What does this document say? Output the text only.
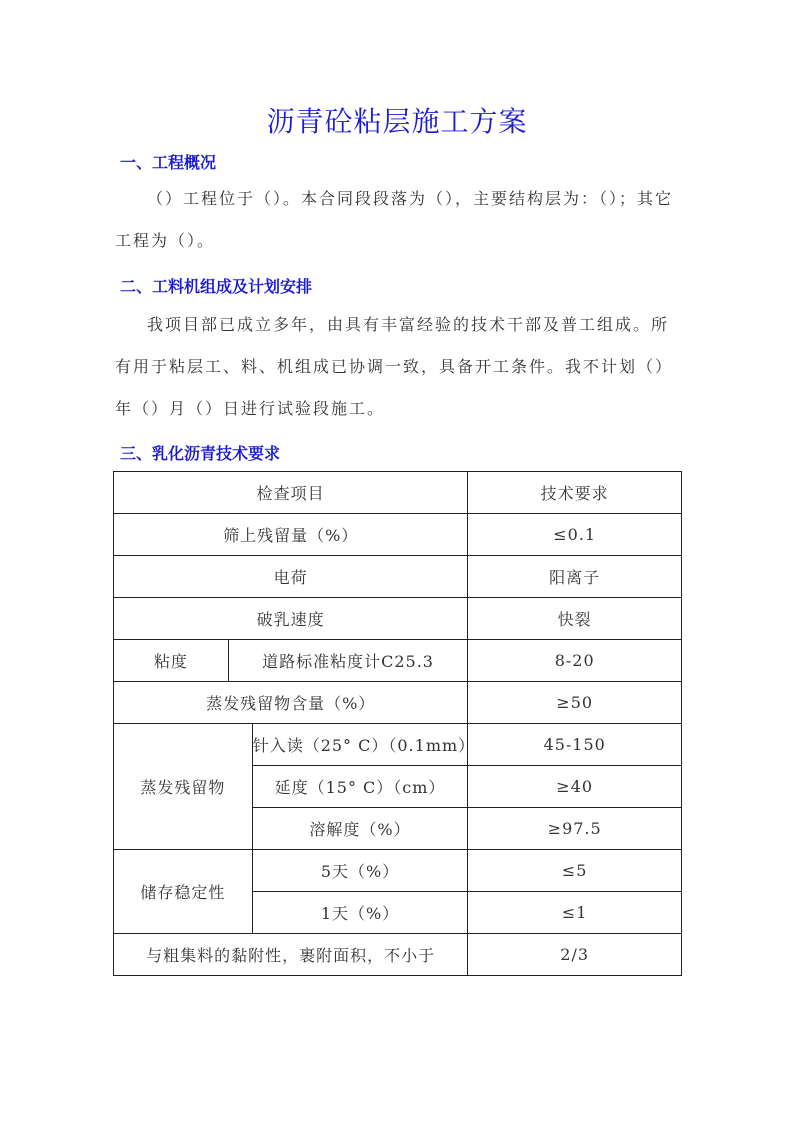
沥青砼粘层施工方案
一、工程概况
（）工程位于（）。本合同段段落为（），主要结构层为：（）；其它工程为（）。
二、工料机组成及计划安排
我项目部已成立多年，由具有丰富经验的技术干部及普工组成。所有用于粘层工、料、机组成已协调一致，具备开工条件。我不计划（）年（）月（）日进行试验段施工。
三、乳化沥青技术要求
检查项目			技术要求
筛上残留量（%）			≤0.1
电荷			阳离子
破乳速度			快裂
粘度	道路标准粘度计C25.3		8-20
蒸发残留物含量（%）			≥50
蒸发残留物		针入读（25° C）（0.1mm）	45-150
		延度（15° C）（cm）	≥40
		溶解度（%）	≥97.5
储存稳定性		5天（%）	≤5
		1天（%）	≤1
与粗集料的黏附性，裹附面积，不小于			2/3
